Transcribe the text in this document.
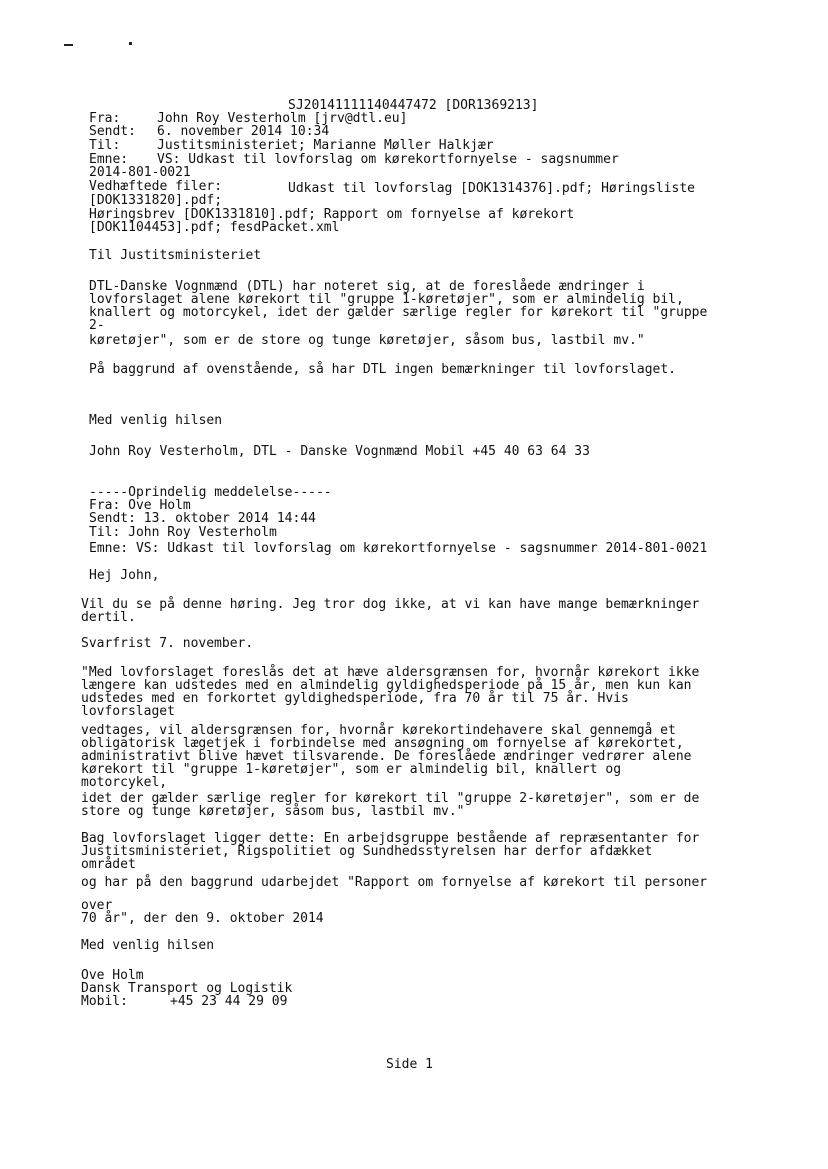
SJ20141111140447472 [DOR1369213]
Fra:	John Roy Vesterholm [jrv@dtl.eu]
Sendt: 6. november 2014 10:34
Til:	Justitsministeriet; Marianne Møller Halkjær
Emne: VS: Udkast til lovforslag om kørekortfornyelse - sagsnummer
2014-801-0021
Vedhæftede filer:	Udkast til lovforslag [DOK1314376].pdf; Høringsliste
[DOK1331820].pdf;
Høringsbrev [DOK1331810].pdf; Rapport om fornyelse af kørekort
[DOK1104453].pdf; fesdPacket.xml
Til Justitsministeriet
DTL-Danske Vognmænd (DTL) har noteret sig, at de foreslåede ændringer i
lovforslaget alene kørekort til "gruppe 1-køretøjer", som er almindelig bil,
knallert og motorcykel, idet der gælder særlige regler for kørekort til "gruppe
2-
køretøjer", som er de store og tunge køretøjer, såsom bus, lastbil mv."
På baggrund af ovenstående, så har DTL ingen bemærkninger til lovforslaget.
Med venlig hilsen
John Roy Vesterholm, DTL - Danske Vognmænd Mobil +45 40 63 64 33
-----Oprindelig meddelelse-----
Fra: Ove Holm
Sendt: 13. oktober 2014 14:44
Til: John Roy Vesterholm
Emne: VS: Udkast til lovforslag om kørekortfornyelse - sagsnummer 2014-801-0021
Hej John,
Vil du se på denne høring. Jeg tror dog ikke, at vi kan have mange bemærkninger
dertil.
Svarfrist 7. november.
"Med lovforslaget foreslås det at hæve aldersgrænsen for, hvornår kørekort ikke
længere kan udstedes med en almindelig gyldighedsperiode på 15 år, men kun kan
udstedes med en forkortet gyldighedsperiode, fra 70 år til 75 år. Hvis
lovforslaget
vedtages, vil aldersgrænsen for, hvornår kørekortindehavere skal gennemgå et
obligatorisk lægetjek i forbindelse med ansøgning om fornyelse af kørekortet,
administrativt blive hævet tilsvarende. De foreslåede ændringer vedrører alene
kørekort til "gruppe 1-køretøjer", som er almindelig bil, knallert og
motorcykel,
idet der gælder særlige regler for kørekort til "gruppe 2-køretøjer", som er de
store og tunge køretøjer, såsom bus, lastbil mv."
Bag lovforslaget ligger dette: En arbejdsgruppe bestående af repræsentanter for
Justitsministeriet, Rigspolitiet og Sundhedsstyrelsen har derfor afdækket
området
og har på den baggrund udarbejdet "Rapport om fornyelse af kørekort til personer
over
70 år", der den 9. oktober 2014
Med venlig hilsen
Ove Holm
Dansk Transport og Logistik
Mobil:	+45 23 44 29 09
Side 1
